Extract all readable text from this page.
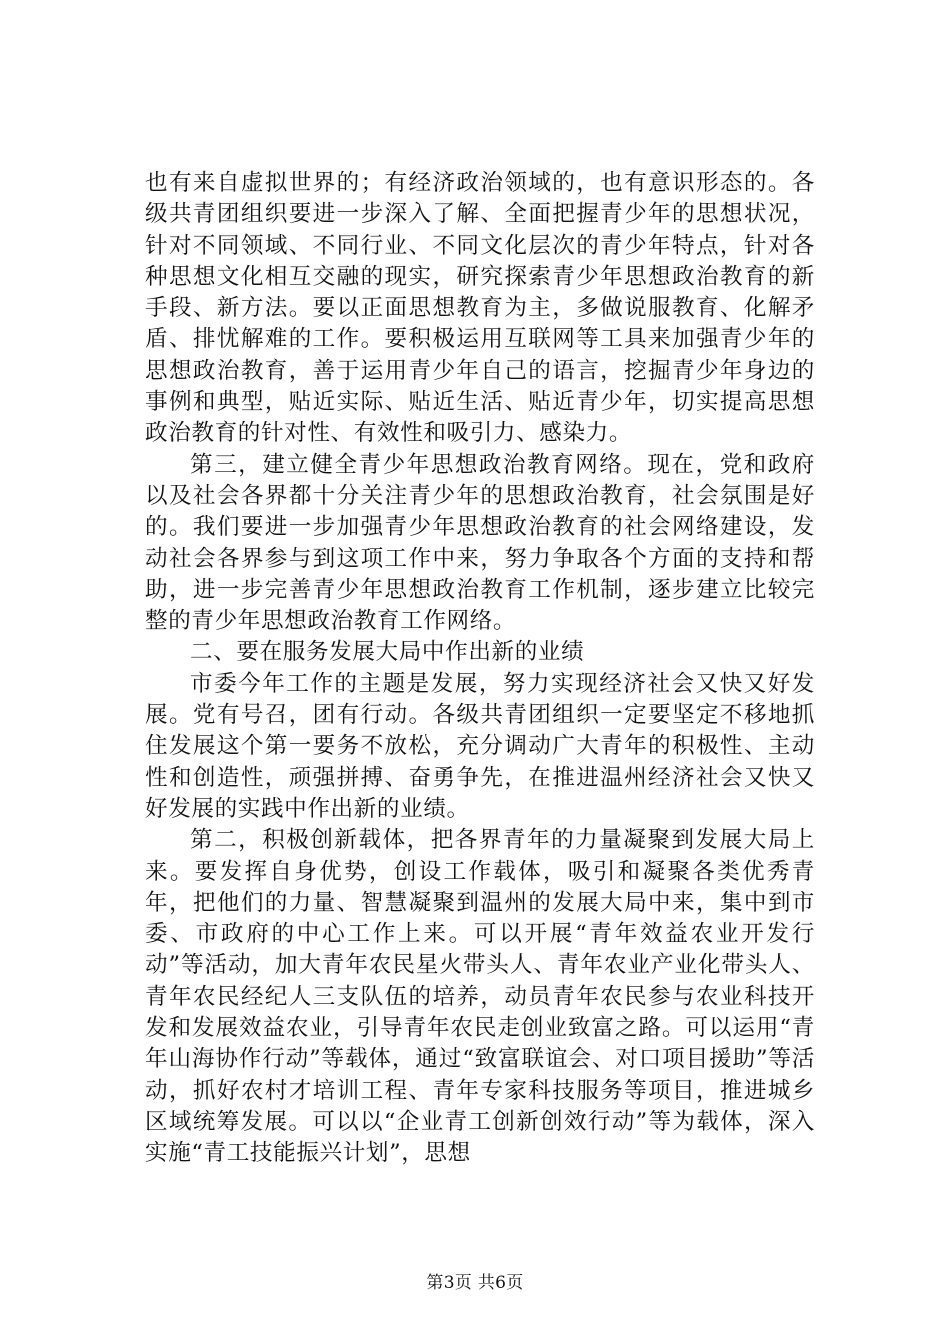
也有来自虚拟世界的；有经济政治领域的，也有意识形态的。各级共青团组织要进一步深入了解、全面把握青少年的思想状况，针对不同领域、不同行业、不同文化层次的青少年特点，针对各种思想文化相互交融的现实，研究探索青少年思想政治教育的新手段、新方法。要以正面思想教育为主，多做说服教育、化解矛盾、排忧解难的工作。要积极运用互联网等工具来加强青少年的思想政治教育，善于运用青少年自己的语言，挖掘青少年身边的事例和典型，贴近实际、贴近生活、贴近青少年，切实提高思想政治教育的针对性、有效性和吸引力、感染力。

第三，建立健全青少年思想政治教育网络。现在，党和政府以及社会各界都十分关注青少年的思想政治教育，社会氛围是好的。我们要进一步加强青少年思想政治教育的社会网络建设，发动社会各界参与到这项工作中来，努力争取各个方面的支持和帮助，进一步完善青少年思想政治教育工作机制，逐步建立比较完整的青少年思想政治教育工作网络。

二、要在服务发展大局中作出新的业绩

市委今年工作的主题是发展，努力实现经济社会又快又好发展。党有号召，团有行动。各级共青团组织一定要坚定不移地抓住发展这个第一要务不放松，充分调动广大青年的积极性、主动性和创造性，顽强拼搏、奋勇争先，在推进温州经济社会又快又好发展的实践中作出新的业绩。

第二，积极创新载体，把各界青年的力量凝聚到发展大局上来。要发挥自身优势，创设工作载体，吸引和凝聚各类优秀青年，把他们的力量、智慧凝聚到温州的发展大局中来，集中到市委、市政府的中心工作上来。可以开展“青年效益农业开发行动”等活动，加大青年农民星火带头人、青年农业产业化带头人、青年农民经纪人三支队伍的培养，动员青年农民参与农业科技开发和发展效益农业，引导青年农民走创业致富之路。可以运用“青年山海协作行动”等载体，通过“致富联谊会、对口项目援助”等活动，抓好农村才培训工程、青年专家科技服务等项目，推进城乡区域统筹发展。可以以“企业青工创新创效行动”等为载体，深入实施“青工技能振兴计划”，思想

第3页 共6页
